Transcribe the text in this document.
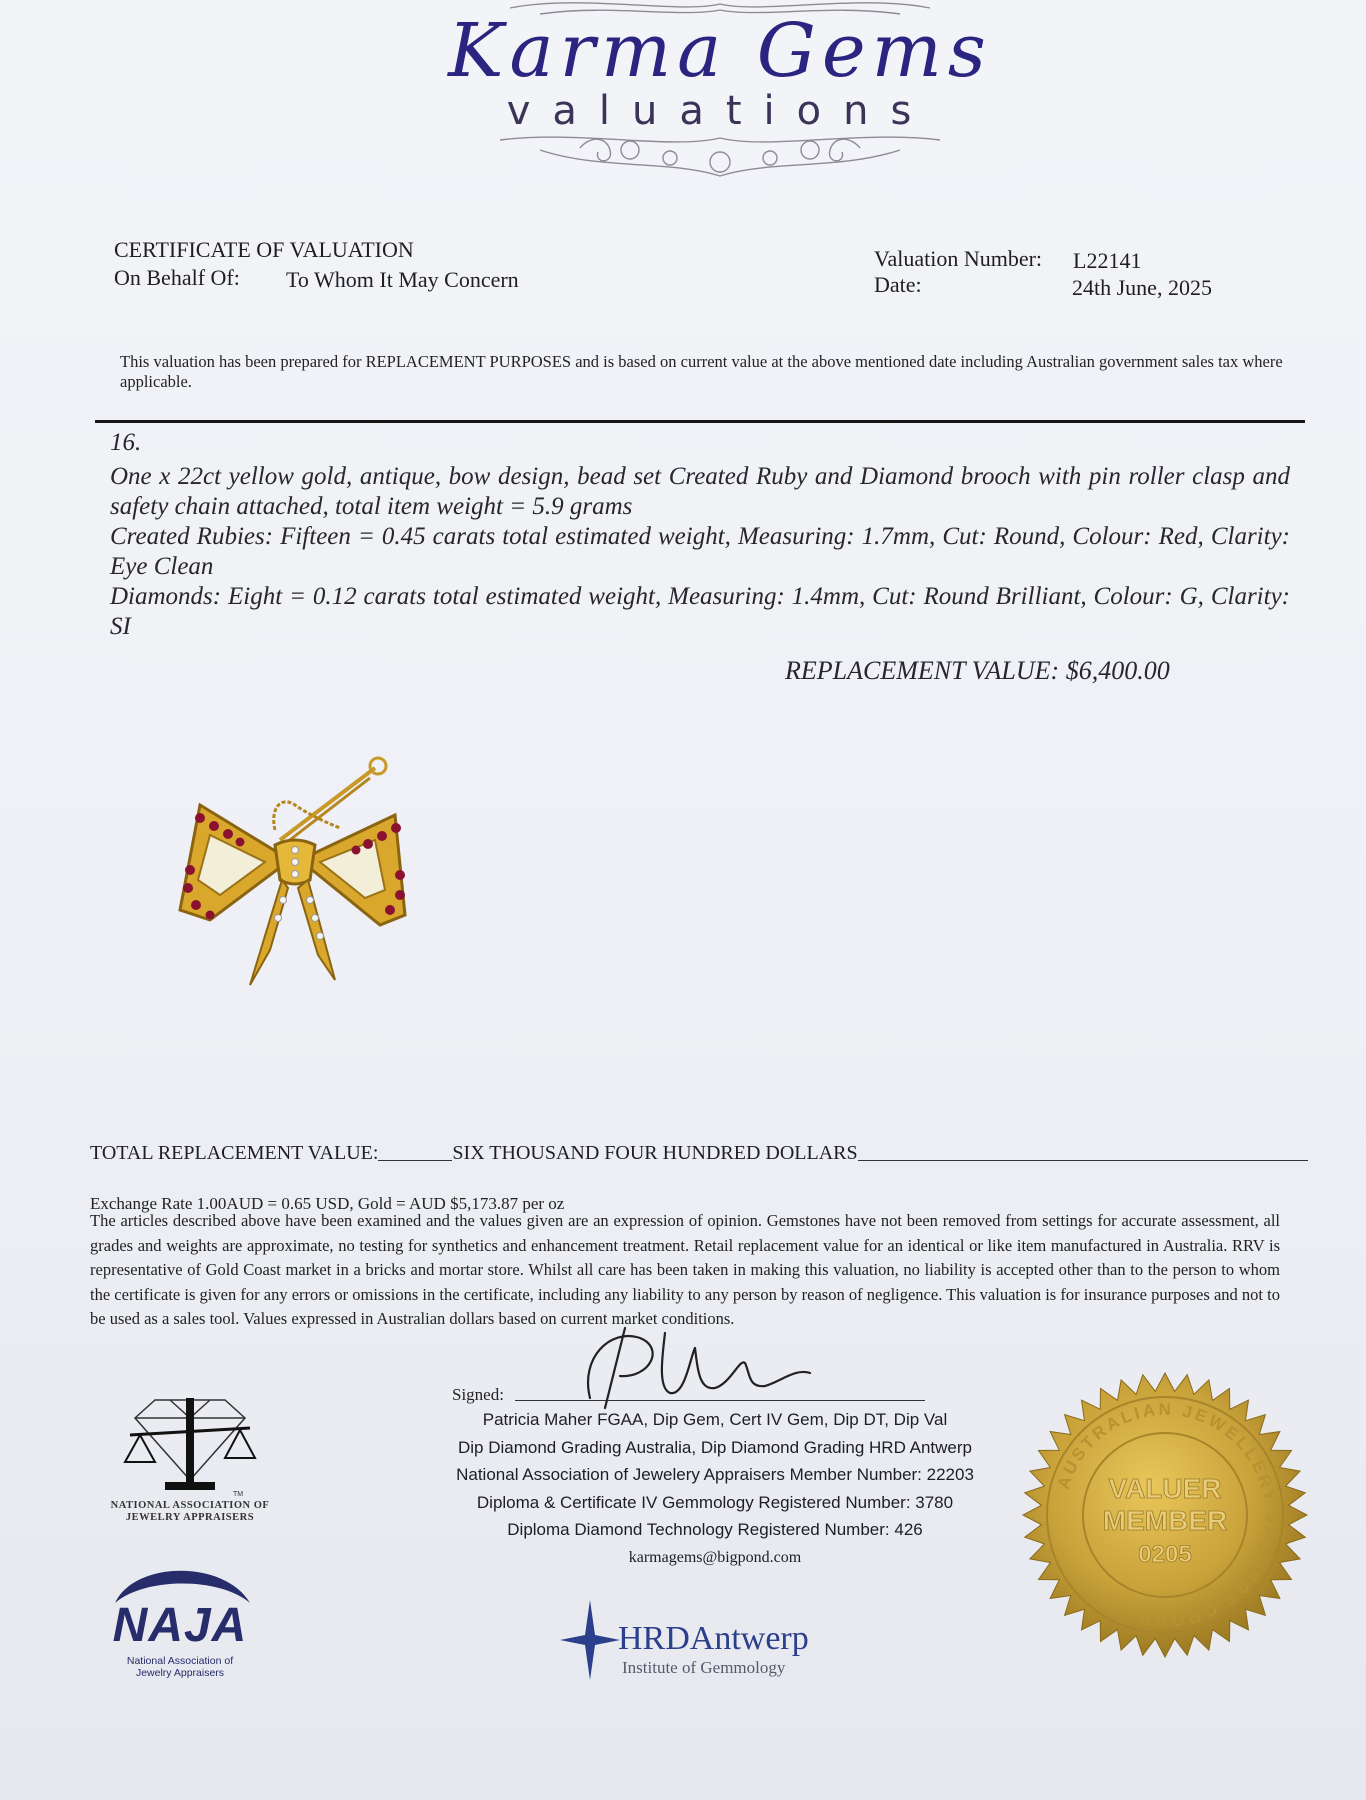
Karma Gems
valuations
CERTIFICATE OF VALUATION
On Behalf Of: To Whom It May Concern
Valuation Number: L22141
Date:	24th June, 2025
This valuation has been prepared for REPLACEMENT PURPOSES and is based on current value at the above mentioned date including Australian government sales tax where applicable.

16.

One x 22ct yellow gold, antique, bow design, bead set Created Ruby and Diamond brooch with pin roller clasp and safety chain attached, total item weight = 5.9 grams

Created Rubies: Fifteen = 0.45 carats total estimated weight, Measuring: 1.7mm, Cut: Round, Colour: Red, Clarity: Eye Clean

Diamonds: Eight = 0.12 carats total estimated weight, Measuring: 1.4mm, Cut: Round Brilliant, Colour: G, Clarity: SI

REPLACEMENT VALUE: $6,400.00
TOTAL REPLACEMENT VALUE:	SIX THOUSAND FOUR HUNDRED DOLLARS
Exchange Rate 1.00AUD = 0.65 USD, Gold = AUD $5,173.87 per oz
The articles described above have been examined and the values given are an expression of opinion. Gemstones have not been removed from settings for accurate assessment, all grades and weights are approximate, no testing for synthetics and enhancement treatment. Retail replacement value for an identical or like item manufactured in Australia. RRV is representative of Gold Coast market in a bricks and mortar store. Whilst all care has been taken in making this valuation, no liability is accepted other than to the person to whom the certificate is given for any errors or omissions in the certificate, including any liability to any person by reason of negligence. This valuation is for insurance purposes and not to be used as a sales tool. Values expressed in Australian dollars based on current market conditions.
Signed:
Patricia Maher FGAA, Dip Gem, Cert IV Gem, Dip DT, Dip Val
Dip Diamond Grading Australia, Dip Diamond Grading HRD Antwerp
National Association of Jewelery Appraisers Member Number: 22203
Diploma & Certificate IV Gemmology Registered Number: 3780
Diploma Diamond Technology Registered Number: 426
karmagems@bigpond.com
TM
NATIONAL ASSOCIATION OF
JEWELRY APPRAISERS
NAJA
National Association of
Jewelry Appraisers
HRDAntwerp
Institute of Gemmology
AUSTRALIAN JEWELLERY VALUERS GROUP
VALUER
MEMBER
0205
